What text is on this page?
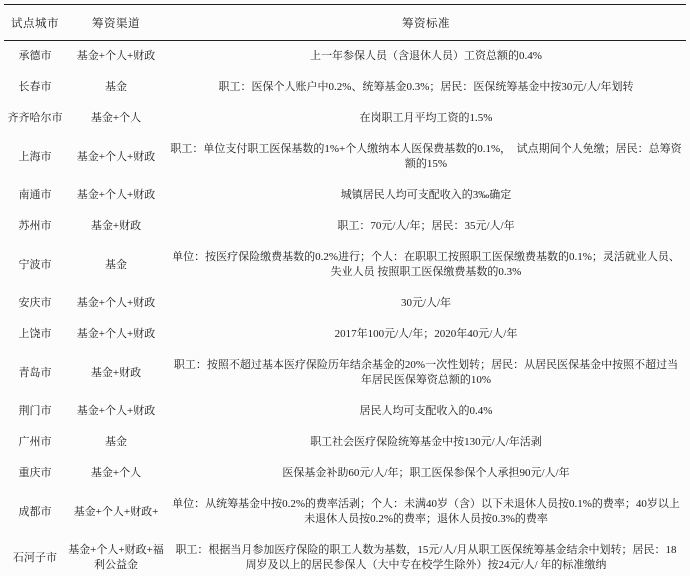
试点城市	筹资渠道	筹资标准
承德市	基金+个人+财政	上一年参保人员（含退休人员）工资总额的0.4%
长春市	基金	职工：医保个人账户中0.2%、统筹基金0.3%；居民：医保统筹基金中按30元/人/年划转
齐齐哈尔市	基金+个人	在岗职工月平均工资的1.5%
上海市	基金+个人+财政	职工：单位支付职工医保基数的1%+个人缴纳本人医保费基数的0.1%，　试点期间个人免缴；居民：总筹资额的15%
南通市	基金+个人+财政	城镇居民人均可支配收入的3‰确定
苏州市	基金+财政	职工：70元/人/年；居民：35元/人/年
宁波市	基金	单位：按医疗保险缴费基数的0.2%进行；个人：在职职工按照职工医保缴费基数的0.1%；灵活就业人员、失业人员 按照职工医保缴费基数的0.3%
安庆市	基金+个人+财政	30元/人/年
上饶市	基金+个人+财政	2017年100元/人/年；2020年40元/人/年
青岛市	基金+财政	职工：按照不超过基本医疗保险历年结余基金的20%一次性划转；居民：从居民医保基金中按照不超过当年居民医保筹资总额的10%
荆门市	基金+个人+财政	居民人均可支配收入的0.4%
广州市	基金	职工社会医疗保险统筹基金中按130元/人/年活剥
重庆市	基金+个人	医保基金补助60元/人/年；职工医保参保个人承担90元/人/年
成都市	基金+个人+财政+	单位：从统筹基金中按0.2%的费率活剥；个人：未满40岁（含）以下未退休人员按0.1%的费率；40岁以上未退休人员按0.2%的费率；退休人员按0.3%的费率
石河子市	基金+个人+财政+福利公益金	职工：根据当月参加医疗保险的职工人数为基数，15元/人/月从职工医保统筹基金结余中划转；居民：18周岁及以上的居民参保人（大中专在校学生除外）按24元/人/ 年的标准缴纳
